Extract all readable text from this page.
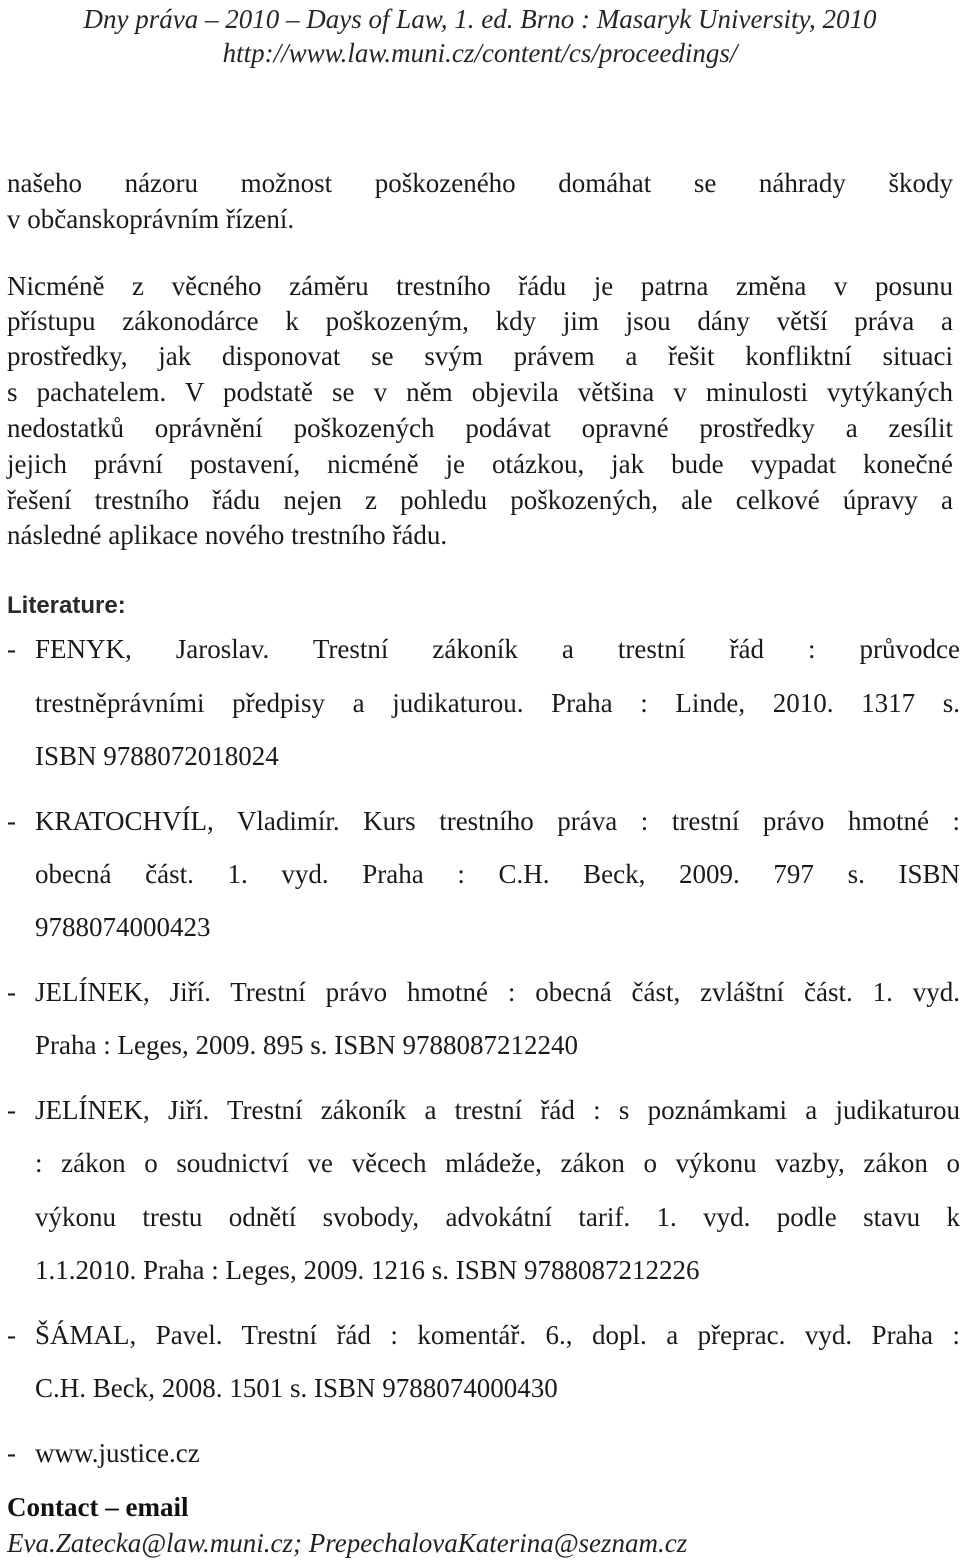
Dny práva – 2010 – Days of Law, 1. ed. Brno : Masaryk University, 2010
http://www.law.muni.cz/content/cs/proceedings/
našeho názoru možnost poškozeného domáhat se náhrady škody
v občanskoprávním řízení.
Nicméně z věcného záměru trestního řádu je patrna změna v posunu
přístupu zákonodárce k poškozeným, kdy jim jsou dány větší práva a
prostředky, jak disponovat se svým právem a řešit konfliktní situaci
s pachatelem. V podstatě se v něm objevila většina v minulosti vytýkaných
nedostatků oprávnění poškozených podávat opravné prostředky a zesílit
jejich právní postavení, nicméně je otázkou, jak bude vypadat konečné
řešení trestního řádu nejen z pohledu poškozených, ale celkové úpravy a
následné aplikace nového trestního řádu.
Literature:
- FENYK, Jaroslav. Trestní zákoník a trestní řád : průvodce
trestněprávními předpisy a judikaturou. Praha : Linde, 2010. 1317 s.
ISBN 9788072018024
- KRATOCHVÍL, Vladimír. Kurs trestního práva : trestní právo hmotné :
obecná část. 1. vyd. Praha : C.H. Beck, 2009. 797 s. ISBN
9788074000423
- JELÍNEK, Jiří. Trestní právo hmotné : obecná část, zvláštní část. 1. vyd.
Praha : Leges, 2009. 895 s. ISBN 9788087212240
- JELÍNEK, Jiří. Trestní zákoník a trestní řád : s poznámkami a judikaturou
: zákon o soudnictví ve věcech mládeže, zákon o výkonu vazby, zákon o
výkonu trestu odnětí svobody, advokátní tarif. 1. vyd. podle stavu k
1.1.2010. Praha : Leges, 2009. 1216 s. ISBN 9788087212226
- ŠÁMAL, Pavel. Trestní řád : komentář. 6., dopl. a přeprac. vyd. Praha :
C.H. Beck, 2008. 1501 s. ISBN 9788074000430
- www.justice.cz
Contact – email
Eva.Zatecka@law.muni.cz; PrepechalovaKaterina@seznam.cz
